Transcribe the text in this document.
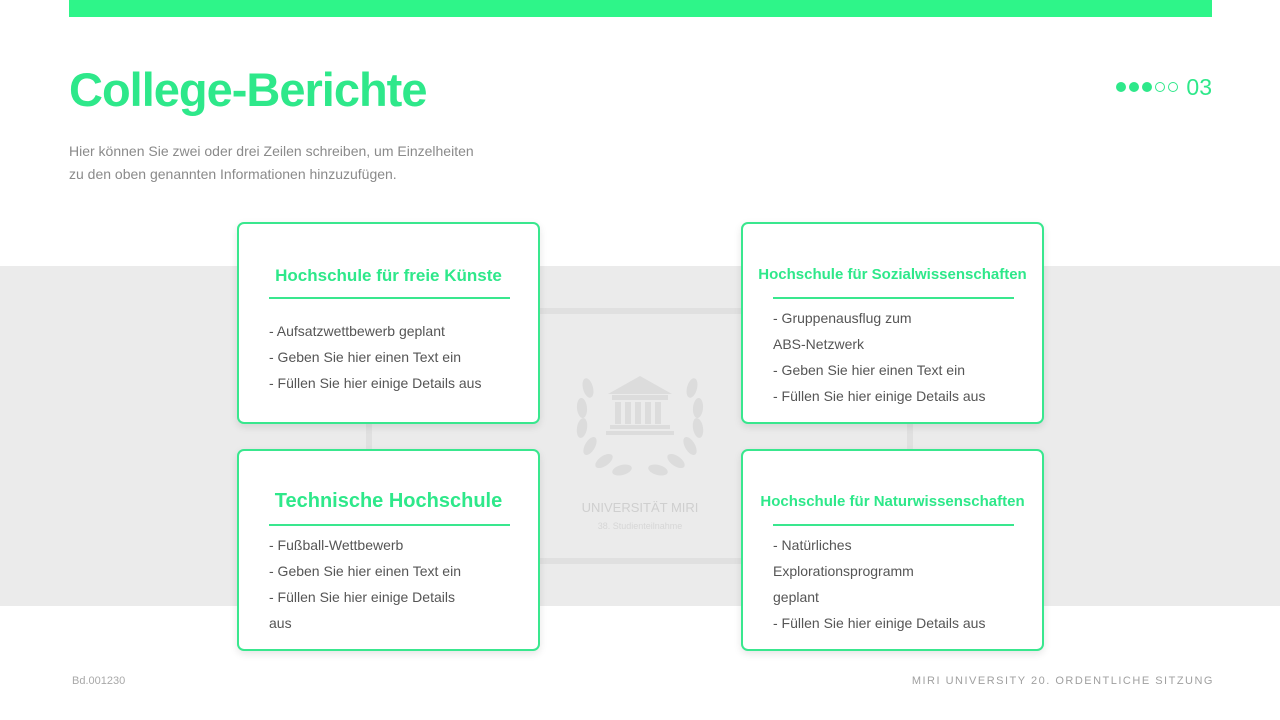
College-Berichte
Hier können Sie zwei oder drei Zeilen schreiben, um Einzelheiten
zu den oben genannten Informationen hinzuzufügen.
03
UNIVERSITÄT MIRI
38. Studienteilnahme
Hochschule für freie Künste
- Aufsatzwettbewerb geplant
- Geben Sie hier einen Text ein
- Füllen Sie hier einige Details aus
Hochschule für Sozialwissenschaften
- Gruppenausflug zum
ABS-Netzwerk
- Geben Sie hier einen Text ein
- Füllen Sie hier einige Details aus
Technische Hochschule
- Fußball-Wettbewerb
- Geben Sie hier einen Text ein
- Füllen Sie hier einige Details
aus
Hochschule für Naturwissenschaften
- Natürliches
Explorationsprogramm
geplant
- Füllen Sie hier einige Details aus
Bd.001230	MIRI UNIVERSITY 20. ORDENTLICHE SITZUNG
